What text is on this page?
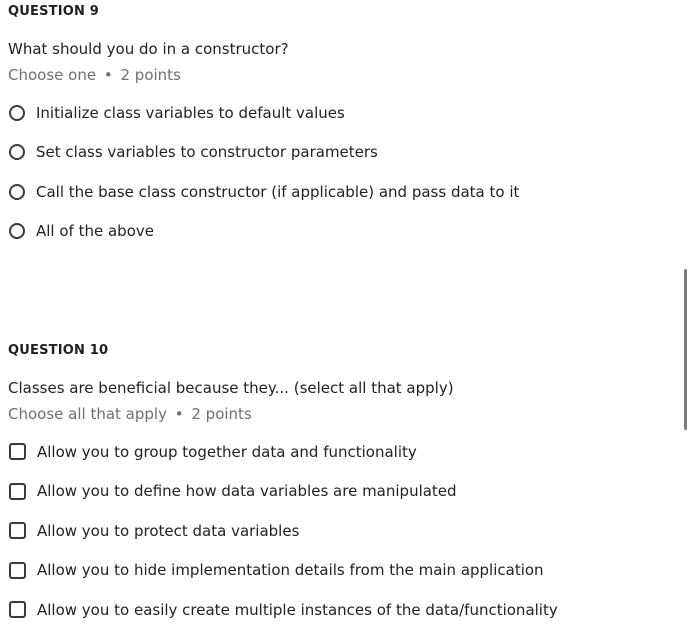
QUESTION 9
What should you do in a constructor?
Choose one • 2 points
Initialize class variables to default values
Set class variables to constructor parameters
Call the base class constructor (if applicable) and pass data to it
All of the above
QUESTION 10
Classes are beneficial because they... (select all that apply)
Choose all that apply • 2 points
Allow you to group together data and functionality
Allow you to define how data variables are manipulated
Allow you to protect data variables
Allow you to hide implementation details from the main application
Allow you to easily create multiple instances of the data/functionality
